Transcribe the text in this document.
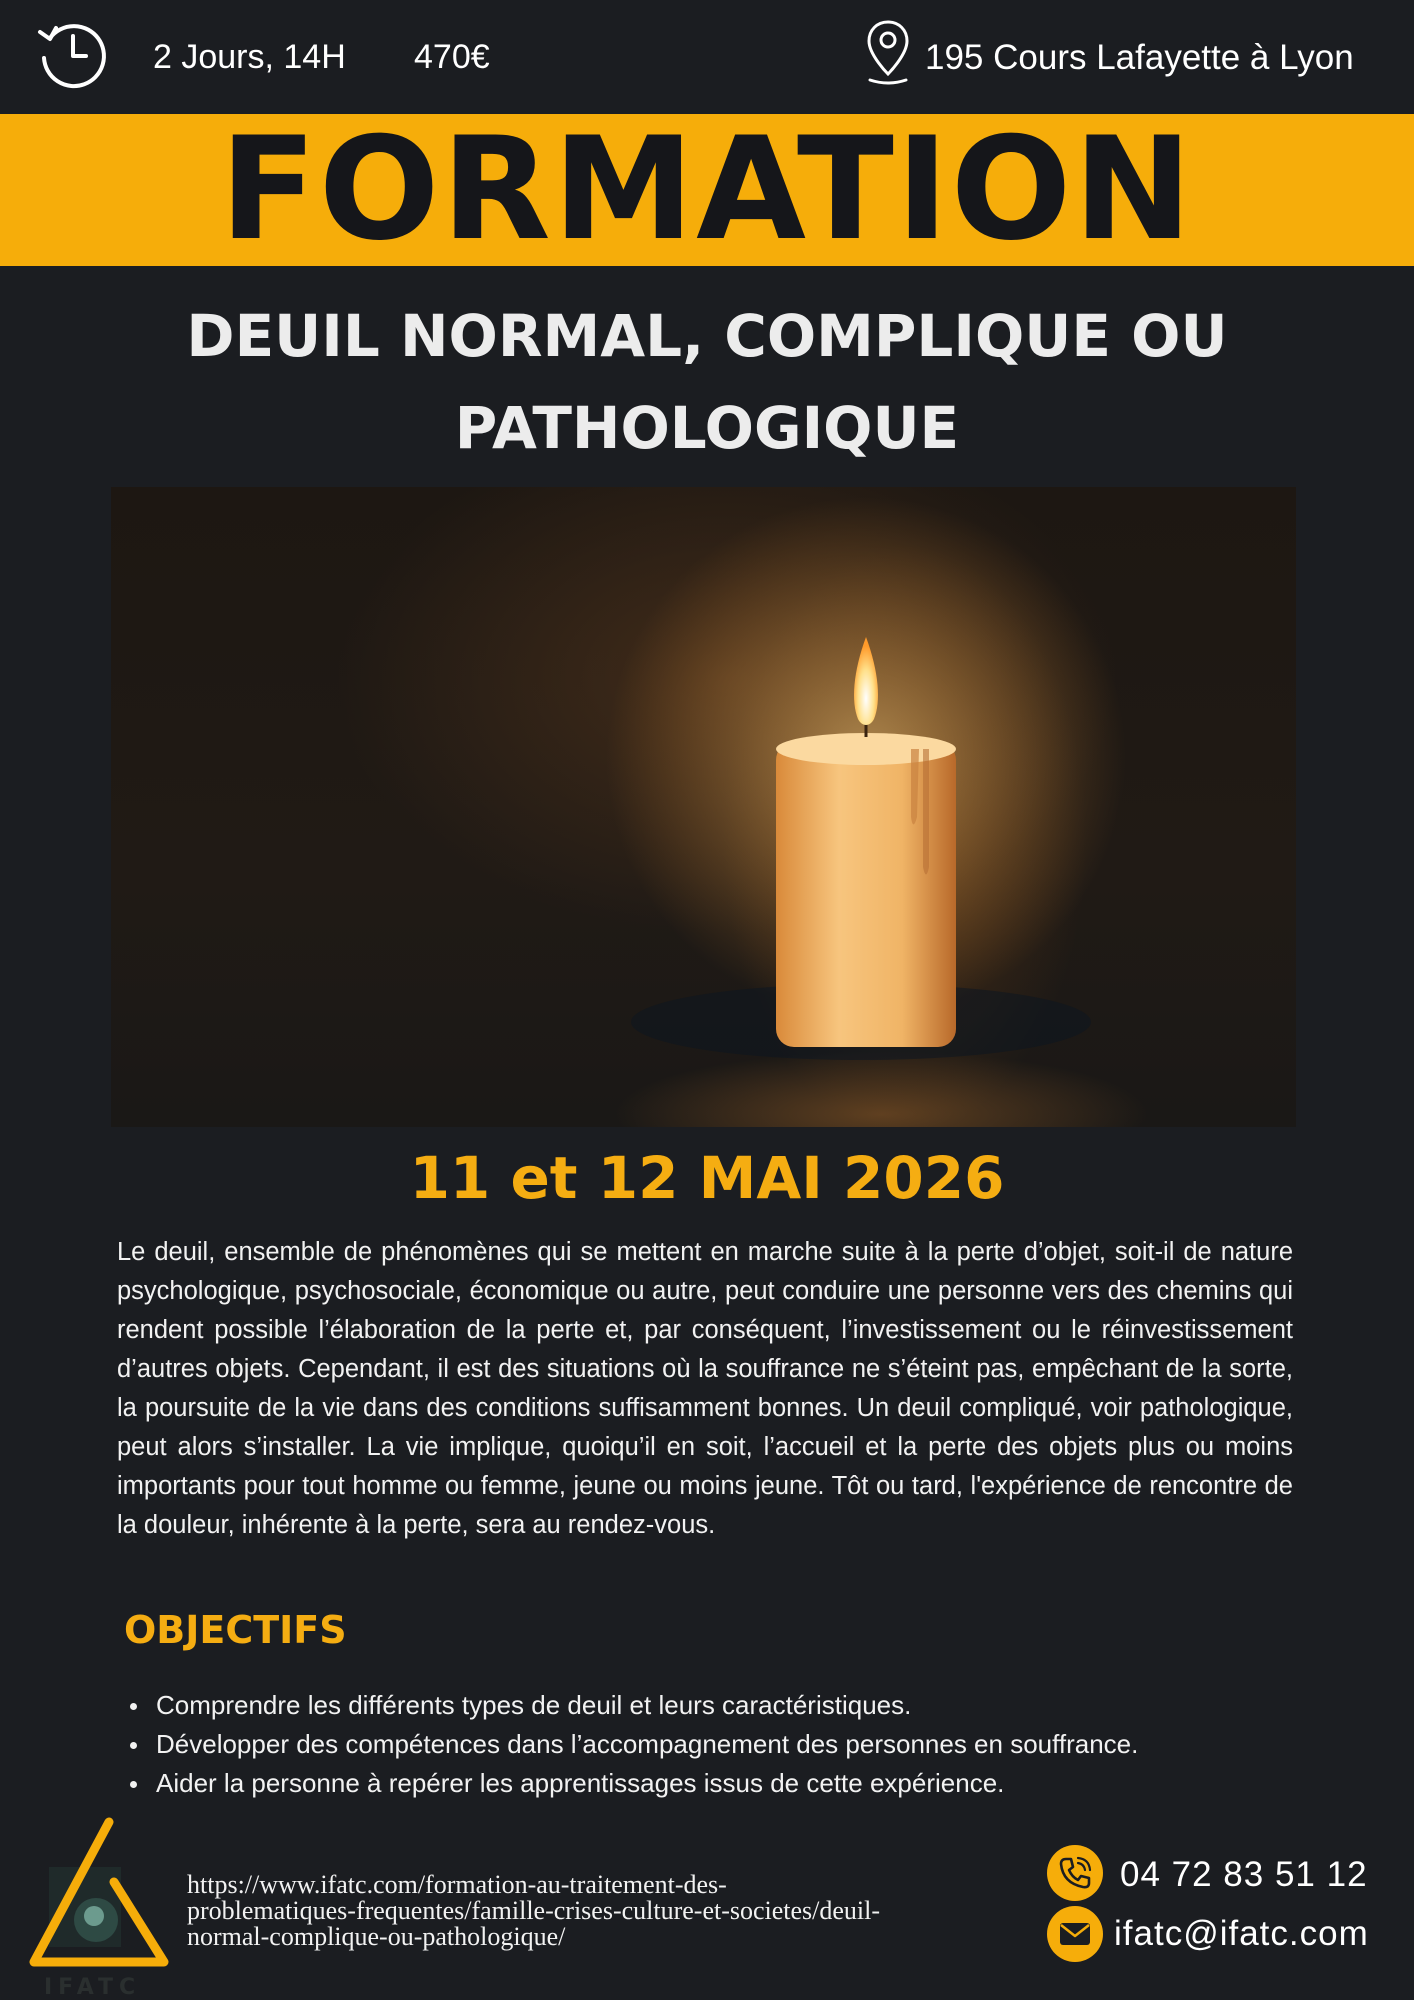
2 Jours, 14H 470€	195 Cours Lafayette à Lyon
FORMATION
DEUIL NORMAL, COMPLIQUE OU PATHOLOGIQUE
11 et 12 MAI 2026

Le deuil, ensemble de phénomènes qui se mettent en marche suite à la perte d’objet, soit-il de nature psychologique, psychosociale, économique ou autre, peut conduire une personne vers des chemins qui rendent possible l’élaboration de la perte et, par conséquent, l’investissement ou le réinvestissement d’autres objets. Cependant, il est des situations où la souffrance ne s’éteint pas, empêchant de la sorte, la poursuite de la vie dans des conditions suffisamment bonnes. Un deuil compliqué, voir pathologique, peut alors s’installer. La vie implique, quoiqu’il en soit, l’accueil et la perte des objets plus ou moins importants pour tout homme ou femme, jeune ou moins jeune. Tôt ou tard, l'expérience de rencontre de la douleur, inhérente à la perte, sera au rendez-vous.

OBJECTIFS
Comprendre les différents types de deuil et leurs caractéristiques.
Développer des compétences dans l’accompagnement des personnes en souffrance.
Aider la personne à repérer les apprentissages issus de cette expérience.
IFATC
https://www.ifatc.com/formation-au-traitement-des-problematiques-frequentes/famille-crises-culture-et-societes/deuil-normal-complique-ou-pathologique/
04 72 83 51 12
ifatc@ifatc.com
